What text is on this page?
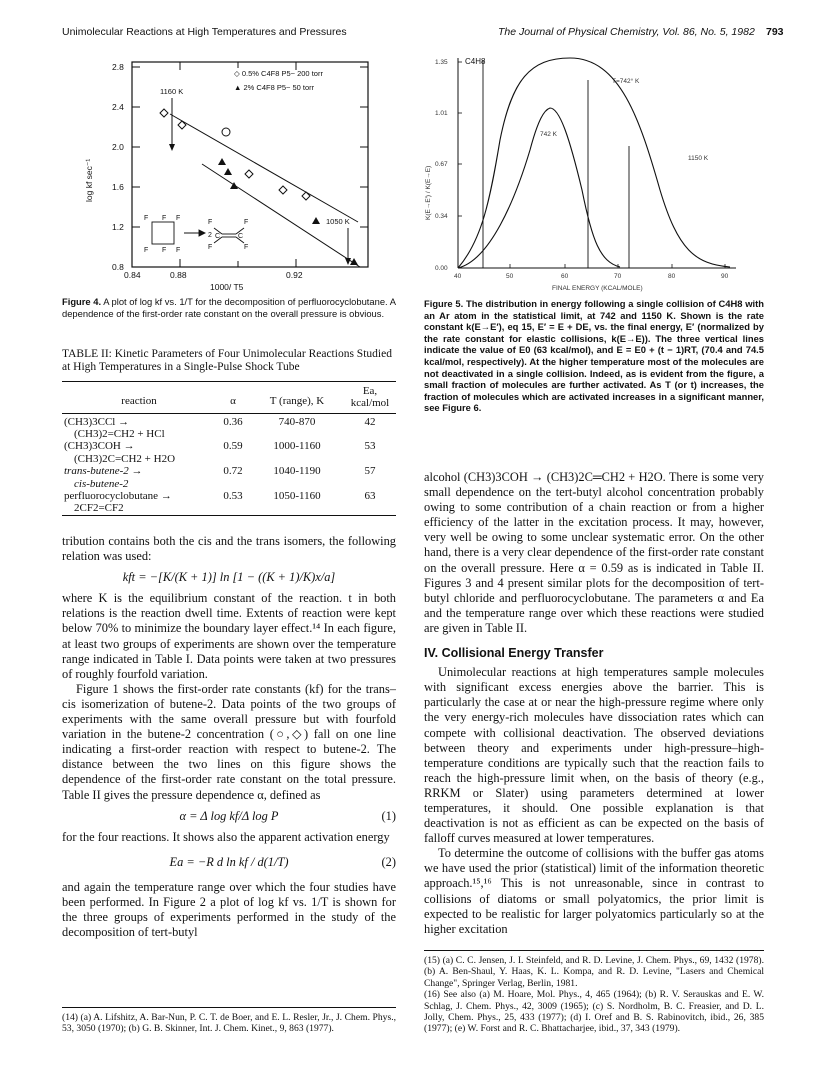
Unimolecular Reactions at High Temperatures and Pressures	The Journal of Physical Chemistry, Vol. 86, No. 5, 1982 793
2.8
2.4
2.0
1.6
1.2
0.8
0.84	0.88	0.92
1000/ T5
log kf sec⁻¹
◇ 0.5% C4F8 P5~ 200 torr
▲ 2% C4F8 P5~ 50 torr
1160 K
1050 K
F F F
F F F
2 C	C
F
F
F
F
Figure 4. A plot of log kf vs. 1/T for the decomposition of perfluorocyclobutane. A dependence of the first-order rate constant on the overall pressure is obvious.
TABLE II: Kinetic Parameters of Four Unimolecular Reactions Studied at High Temperatures in a Single-Pulse Shock Tube
reaction	α	T (range), K	Ea, kcal/mol
(CH3)3CCl →
(CH3)2=CH2 + HCl	0.36	740-870	42

(CH3)3COH →
(CH3)2C=CH2 + H2O	0.59	1000-1160	53

trans-butene-2 →
cis-butene-2	0.72	1040-1190	57

perfluorocyclobutane →
2CF2=CF2	0.53	1050-1160	63

tribution contains both the cis and the trans isomers, the following relation was used:

kft = −[K/(K + 1)] ln [1 − ((K + 1)/K)x/a]

where K is the equilibrium constant of the reaction. t in both relations is the reaction dwell time. Extents of reaction were kept below 70% to minimize the boundary layer effect.¹⁴ In each figure, at least two groups of experiments are shown over the temperature range indicated in Table I. Data points were taken at two pressures of roughly fourfold variation.

Figure 1 shows the first-order rate constants (kf) for the trans–cis isomerization of butene-2. Data points of the two groups of experiments with the same overall pressure but with fourfold variation in the butene-2 concentration (○,◇) fall on one line indicating a first-order reaction with respect to butene-2. The distance between the two lines on this figure shows the dependence of the first-order rate constant on the total pressure. Table II gives the pressure dependence α, defined as

α = Δ log kf/Δ log P	(1)

for the four reactions. It shows also the apparent activation energy

Ea = −R d ln kf / d(1/T)	(2)

and again the temperature range over which the four studies have been performed. In Figure 2 a plot of log kf vs. 1/T is shown for the three groups of experiments performed in the study of the decomposition of tert-butyl

(14) (a) A. Lifshitz, A. Bar-Nun, P. C. T. de Boer, and E. L. Resler, Jr., J. Chem. Phys., 53, 3050 (1970); (b) G. B. Skinner, Int. J. Chem. Kinet., 9, 863 (1977).
1.35
1.01
0.67
0.34
0.00
40	50	60	70	80	90
FINAL ENERGY (KCAL/MOLE)
K(E→E′) / K(E→E)
T=742° K
742 K
1150 K
C4H8
Figure 5. The distribution in energy following a single collision of C4H8 with an Ar atom in the statistical limit, at 742 and 1150 K. Shown is the rate constant k(E→E′), eq 15, E′ = E + DE, vs. the final energy, E′ (normalized by the rate constant for elastic collisions, k(E→E)). The three vertical lines indicate the value of E0 (63 kcal/mol), and E = E0 + (t − 1)RT, (70.4 and 74.5 kcal/mol, respectively). At the higher temperature most of the molecules are not deactivated in a single collision. Indeed, as is evident from the figure, a small fraction of molecules are further activated. As T (or t) increases, the fraction of molecules which are activated increases in a significant manner, see Figure 6.

alcohol (CH3)3COH → (CH3)2C═CH2 + H2O. There is some very small dependence on the tert-butyl alcohol concentration probably owing to some contribution of a chain reaction or from a higher efficiency of the latter in the excitation process. It may, however, very well be owing to some unclear systematic error. On the other hand, there is a very clear dependence of the first-order rate constant on the overall pressure. Here α = 0.59 as is indicated in Table II. Figures 3 and 4 present similar plots for the decomposition of tert-butyl chloride and perfluorocyclobutane. The parameters α and Ea and the temperature range over which these reactions were studied are given in Table II.

IV. Collisional Energy Transfer

Unimolecular reactions at high temperatures sample molecules with significant excess energies above the barrier. This is particularly the case at or near the high-pressure regime where only the very energy-rich molecules have dissociation rates which can compete with collisional deactivation. The observed deviations between theory and experiments under high-pressure–high-temperature conditions are typically such that the reaction fails to reach the high-pressure limit when, on the basis of theory (e.g., RRKM or Slater) using parameters determined at lower temperatures, it should. One possible explanation is that deactivation is not as efficient as can be expected on the basis of falloff curves measured at lower temperatures.

To determine the outcome of collisions with the buffer gas atoms we have used the prior (statistical) limit of the information theoretic approach.¹⁵,¹⁶ This is not unreasonable, since in contrast to collisions of diatoms or small polyatomics, the prior limit is expected to be realistic for larger polyatomics particularly so at the higher excitation

(15) (a) C. C. Jensen, J. I. Steinfeld, and R. D. Levine, J. Chem. Phys., 69, 1432 (1978). (b) A. Ben-Shaul, Y. Haas, K. L. Kompa, and R. D. Levine, "Lasers and Chemical Change", Springer Verlag, Berlin, 1981.
(16) See also (a) M. Hoare, Mol. Phys., 4, 465 (1964); (b) R. V. Serauskas and E. W. Schlag, J. Chem. Phys., 42, 3009 (1965); (c) S. Nordholm, B. C. Freasier, and D. L. Jolly, Chem. Phys., 25, 433 (1977); (d) I. Oref and B. S. Rabinovitch, ibid., 26, 385 (1977); (e) W. Forst and R. C. Bhattacharjee, ibid., 37, 343 (1979).
